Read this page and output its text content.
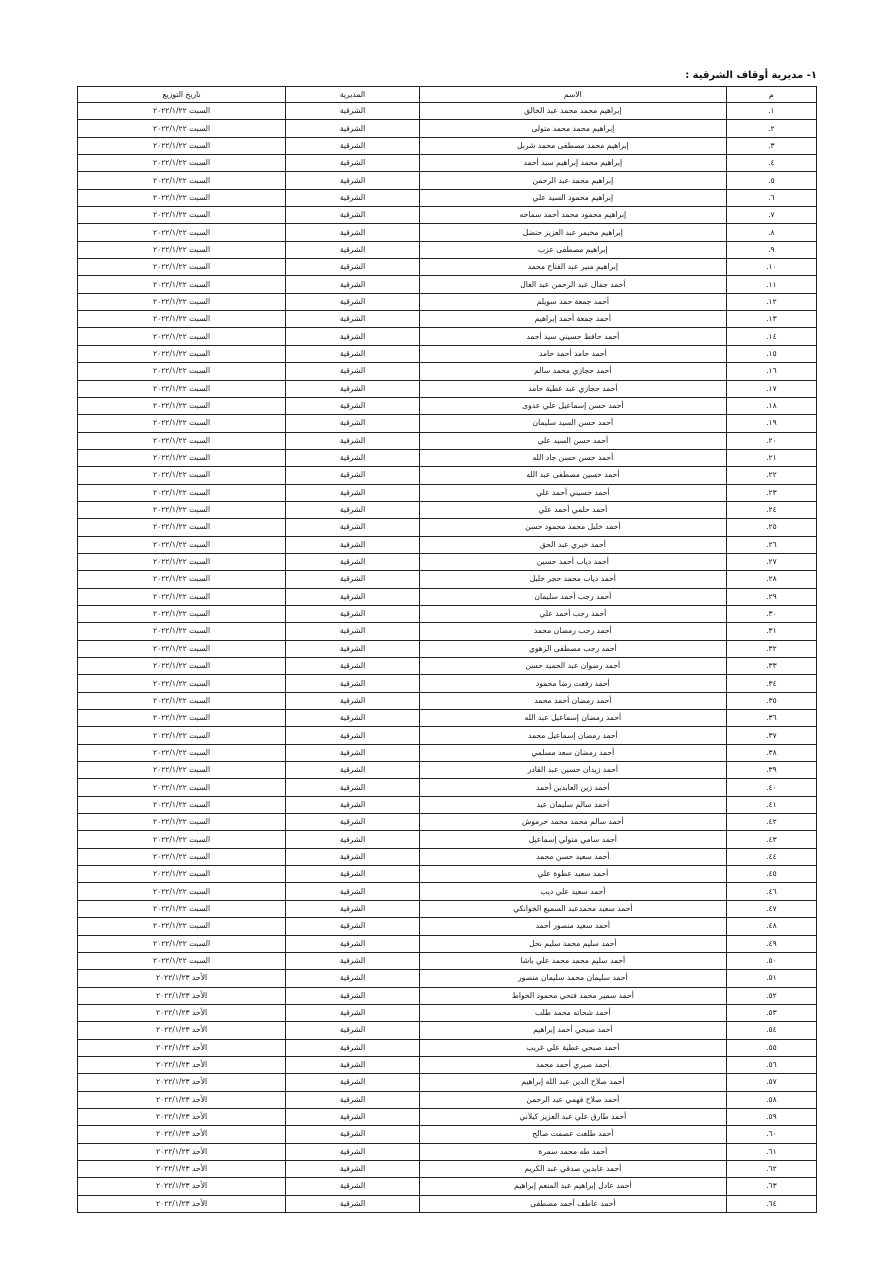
١- مديرية أوقاف الشرقية :
م	الاسم	المديرية	تاريخ التوزيع
١.	إبراهيم محمد محمد عبد الخالق	الشرقية	السبت ٢٠٢٢/١/٢٢
٢.	إبراهيم محمد محمد متولى	الشرقية	السبت ٢٠٢٢/١/٢٢
٣.	إبراهيم محمد مصطفى محمد شربل	الشرقية	السبت ٢٠٢٢/١/٢٢
٤.	إبراهيم محمد إبراهيم سيد أحمد	الشرقية	السبت ٢٠٢٢/١/٢٢
٥.	إبراهيم محمد عبد الرحمن	الشرقية	السبت ٢٠٢٢/١/٢٢
٦.	إبراهيم محمود السيد علي	الشرقية	السبت ٢٠٢٢/١/٢٢
٧.	إبراهيم محمود محمد أحمد سماحه	الشرقية	السبت ٢٠٢٢/١/٢٢
٨.	إبراهيم مخيمر عبد العزيز حنضل	الشرقية	السبت ٢٠٢٢/١/٢٢
٩.	إبراهيم مصطفى عزب	الشرقية	السبت ٢٠٢٢/١/٢٢
١٠.	إبراهيم منير عبد الفتاح محمد	الشرقية	السبت ٢٠٢٢/١/٢٢
١١.	أحمد جمال عبد الرحمن عبد العال	الشرقية	السبت ٢٠٢٢/١/٢٢
١٢.	أحمد جمعة حمد سويلم	الشرقية	السبت ٢٠٢٢/١/٢٢
١٣.	أحمد جمعة أحمد إبراهيم	الشرقية	السبت ٢٠٢٢/١/٢٢
١٤.	أحمد حافظ حسيني سيد أحمد	الشرقية	السبت ٢٠٢٢/١/٢٢
١٥.	أحمد حامد أحمد حامد	الشرقية	السبت ٢٠٢٢/١/٢٢
١٦.	أحمد حجازي محمد سالم	الشرقية	السبت ٢٠٢٢/١/٢٢
١٧.	أحمد حجازي عبد عطية حامد	الشرقية	السبت ٢٠٢٢/١/٢٢
١٨.	أحمد حسن إسماعيل علي عدوى	الشرقية	السبت ٢٠٢٢/١/٢٢
١٩.	أحمد حسن السيد سليمان	الشرقية	السبت ٢٠٢٢/١/٢٢
٢٠.	أحمد حسن السيد علي	الشرقية	السبت ٢٠٢٢/١/٢٢
٢١.	أحمد حسن حسن جاد الله	الشرقية	السبت ٢٠٢٢/١/٢٢
٢٢.	أحمد حسين مصطفى عبد الله	الشرقية	السبت ٢٠٢٢/١/٢٢
٢٣.	أحمد حسيني أحمد علي	الشرقية	السبت ٢٠٢٢/١/٢٢
٢٤.	أحمد حلمي أحمد علي	الشرقية	السبت ٢٠٢٢/١/٢٢
٢٥.	أحمد خليل محمد محمود حسن	الشرقية	السبت ٢٠٢٢/١/٢٢
٢٦.	أحمد خيري عبد الحق	الشرقية	السبت ٢٠٢٢/١/٢٢
٢٧.	أحمد دياب أحمد حسين	الشرقية	السبت ٢٠٢٢/١/٢٢
٢٨.	أحمد دياب محمد حجر خليل	الشرقية	السبت ٢٠٢٢/١/٢٢
٢٩.	أحمد رجب أحمد سليمان	الشرقية	السبت ٢٠٢٢/١/٢٢
٣٠.	أحمد رجب أحمد علي	الشرقية	السبت ٢٠٢٢/١/٢٢
٣١.	أحمد رجب رمضان محمد	الشرقية	السبت ٢٠٢٢/١/٢٢
٣٢.	أحمد رجب مصطفى الزهوي	الشرقية	السبت ٢٠٢٢/١/٢٢
٣٣.	أحمد رضوان عبد الحميد حسن	الشرقية	السبت ٢٠٢٢/١/٢٢
٣٤.	أحمد رفعت رضا محمود	الشرقية	السبت ٢٠٢٢/١/٢٢
٣٥.	أحمد رمضان أحمد محمد	الشرقية	السبت ٢٠٢٢/١/٢٢
٣٦.	أحمد رمضان إسماعيل عبد الله	الشرقية	السبت ٢٠٢٢/١/٢٢
٣٧.	أحمد رمضان إسماعيل محمد	الشرقية	السبت ٢٠٢٢/١/٢٢
٣٨.	أحمد رمضان سعد مسلمي	الشرقية	السبت ٢٠٢٢/١/٢٢
٣٩.	أحمد زيدان حسين عبد القادر	الشرقية	السبت ٢٠٢٢/١/٢٢
٤٠.	أحمد زين العابدين أحمد	الشرقية	السبت ٢٠٢٢/١/٢٢
٤١.	أحمد سالم سليمان عيد	الشرقية	السبت ٢٠٢٢/١/٢٢
٤٢.	أحمد سالم محمد محمد حرموش	الشرقية	السبت ٢٠٢٢/١/٢٢
٤٣.	أحمد سامي متولي إسماعيل	الشرقية	السبت ٢٠٢٢/١/٢٢
٤٤.	أحمد سعيد حسن محمد	الشرقية	السبت ٢٠٢٢/١/٢٢
٤٥.	أحمد سعيد عطوة علي	الشرقية	السبت ٢٠٢٢/١/٢٢
٤٦.	أحمد سعيد علي ديب	الشرقية	السبت ٢٠٢٢/١/٢٢
٤٧.	أحمد سعيد محمدعبد السميع الخوانكي	الشرقية	السبت ٢٠٢٢/١/٢٢
٤٨.	أحمد سعيد منصور أحمد	الشرقية	السبت ٢٠٢٢/١/٢٢
٤٩.	أحمد سليم محمد سليم نحل	الشرقية	السبت ٢٠٢٢/١/٢٢
٥٠.	أحمد سليم محمد محمد علي باشا	الشرقية	السبت ٢٠٢٢/١/٢٢
٥١.	أحمد سليمان محمد سليمان منصور	الشرقية	الأحد ٢٠٢٢/١/٢٣
٥٢.	أحمد سمير محمد فتحي محمود الحواط	الشرقية	الأحد ٢٠٢٢/١/٢٣
٥٣.	أحمد شحاته محمد طلب	الشرقية	الأحد ٢٠٢٢/١/٢٣
٥٤.	أحمد صبحي أحمد إبراهيم	الشرقية	الأحد ٢٠٢٢/١/٢٣
٥٥.	أحمد صبحي عطية علي غريب	الشرقية	الأحد ٢٠٢٢/١/٢٣
٥٦.	أحمد صبري أحمد محمد	الشرقية	الأحد ٢٠٢٢/١/٢٣
٥٧.	أحمد صلاح الدين عبد الله إبراهيم	الشرقية	الأحد ٢٠٢٢/١/٢٣
٥٨.	أحمد صلاح فهمي عبد الرحمن	الشرقية	الأحد ٢٠٢٢/١/٢٣
٥٩.	أحمد طارق علي عبد العزيز كيلاني	الشرقية	الأحد ٢٠٢٢/١/٢٣
٦٠.	أحمد طلعت عصمت صالح	الشرقية	الأحد ٢٠٢٢/١/٢٣
٦١.	أحمد طه محمد سمرة	الشرقية	الأحد ٢٠٢٢/١/٢٣
٦٢.	أحمد عابدين صدقي عبد الكريم	الشرقية	الأحد ٢٠٢٢/١/٢٣
٦٣.	أحمد عادل إبراهيم عبد المنعم إبراهيم	الشرقية	الأحد ٢٠٢٢/١/٢٣
٦٤.	أحمد عاطف أحمد مصطفى	الشرقية	الأحد ٢٠٢٢/١/٢٣
